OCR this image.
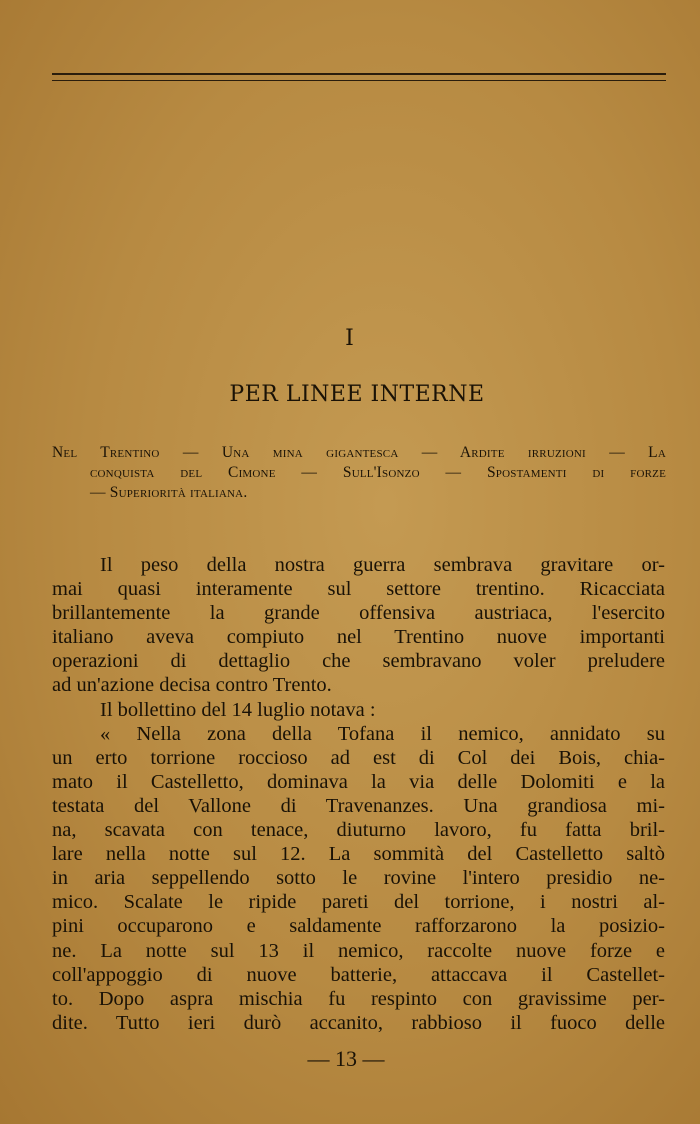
I
PER LINEE INTERNE
Nel Trentino — Una mina gigantesca — Ardite irruzioni — La
conquista del Cimone — Sull'Isonzo — Spostamenti di forze
— Superiorità italiana.
Il peso della nostra guerra sembrava gravitare or-
mai quasi interamente sul settore trentino. Ricacciata
brillantemente la grande offensiva austriaca, l'esercito
italiano aveva compiuto nel Trentino nuove importanti
operazioni di dettaglio che sembravano voler preludere
ad un'azione decisa contro Trento.
Il bollettino del 14 luglio notava :
« Nella zona della Tofana il nemico, annidato su
un erto torrione roccioso ad est di Col dei Bois, chia-
mato il Castelletto, dominava la via delle Dolomiti e la
testata del Vallone di Travenanzes. Una grandiosa mi-
na, scavata con tenace, diuturno lavoro, fu fatta bril-
lare nella notte sul 12. La sommità del Castelletto saltò
in aria seppellendo sotto le rovine l'intero presidio ne-
mico. Scalate le ripide pareti del torrione, i nostri al-
pini occuparono e saldamente rafforzarono la posizio-
ne. La notte sul 13 il nemico, raccolte nuove forze e
coll'appoggio di nuove batterie, attaccava il Castellet-
to. Dopo aspra mischia fu respinto con gravissime per-
dite. Tutto ieri durò accanito, rabbioso il fuoco delle
— 13 —
